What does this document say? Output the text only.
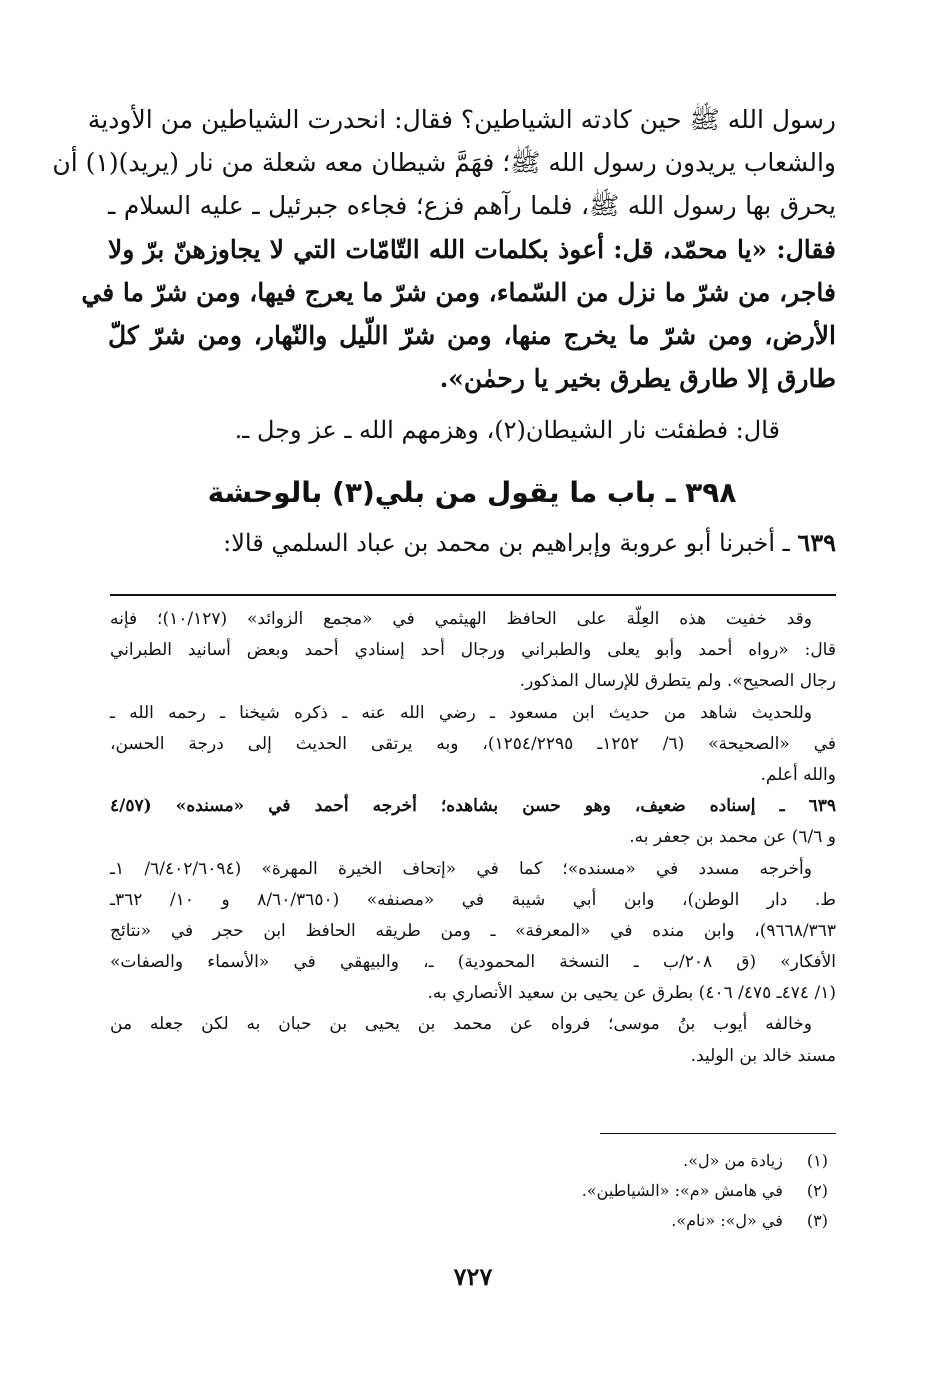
رسول الله ﷺ حين كادته الشياطين؟ فقال: انحدرت الشياطين من الأودية
والشعاب يريدون رسول الله ﷺ؛ فهَمَّ شيطان معه شعلة من نار (يريد)(١) أن
يحرق بها رسول الله ﷺ، فلما رآهم فزع؛ فجاءه جبرئيل ـ عليه السلام ـ
فقال: «يا محمّد، قل: أعوذ بكلمات الله التّامّات التي لا يجاوزهنّ برّ ولا
فاجر، من شرّ ما نزل من السّماء، ومن شرّ ما يعرج فيها، ومن شرّ ما في
الأرض، ومن شرّ ما يخرج منها، ومن شرّ اللّيل والنّهار، ومن شرّ كلّ
طارق إلا طارق يطرق بخير يا رحمٰن».
قال: فطفئت نار الشيطان(٢)، وهزمهم الله ـ عز وجل ـ.
٣٩٨ ـ باب ما يقول من بلي(٣) بالوحشة
٦٣٩ ـ أخبرنا أبو عروبة وإبراهيم بن محمد بن عباد السلمي قالا:
وقد خفيت هذه العِلّة على الحافظ الهيثمي في «مجمع الزوائد» (١٠/١٢٧)؛ فإنه
قال: «رواه أحمد وأبو يعلى والطبراني ورجال أحد إسنادي أحمد وبعض أسانيد الطبراني
رجال الصحيح». ولم يتطرق للإرسال المذكور.
وللحديث شاهد من حديث ابن مسعود ـ رضي الله عنه ـ ذكره شيخنا ـ رحمه الله ـ
في «الصحيحة» (٦/ ١٢٥٢ـ ١٢٥٤/٢٢٩٥)، وبه يرتقى الحديث إلى درجة الحسن،
والله أعلم.
٦٣٩ ـ إسناده ضعيف، وهو حسن بشاهده؛ أخرجه أحمد في «مسنده» (٤/٥٧
و ٦/٦) عن محمد بن جعفر به.
وأخرجه مسدد في «مسنده»؛ كما في «إتحاف الخيرة المهرة» (٦/٤٠٢/٦٠٩٤/ ١ـ
ط. دار الوطن)، وابن أبي شيبة في «مصنفه» (٨/٦٠/٣٦٥٠ و ١٠/ ٣٦٢ـ
٩٦٦٨/٣٦٣)، وابن منده في «المعرفة» ـ ومن طريقه الحافظ ابن حجر في «نتائج
الأفكار» (ق ٢٠٨/ب ـ النسخة المحمودية) ـ، والبيهقي في «الأسماء والصفات»
(١/ ٤٧٤ـ ٤٧٥/ ٤٠٦) بطرق عن يحيى بن سعيد الأنصاري به.
وخالفه أيوب بنُ موسى؛ فرواه عن محمد بن يحيى بن حبان به لكن جعله من
مسند خالد بن الوليد.
(١) زيادة من «ل».
(٢) في هامش «م»: «الشياطين».
(٣) في «ل»: «نام».
٧٢٧
